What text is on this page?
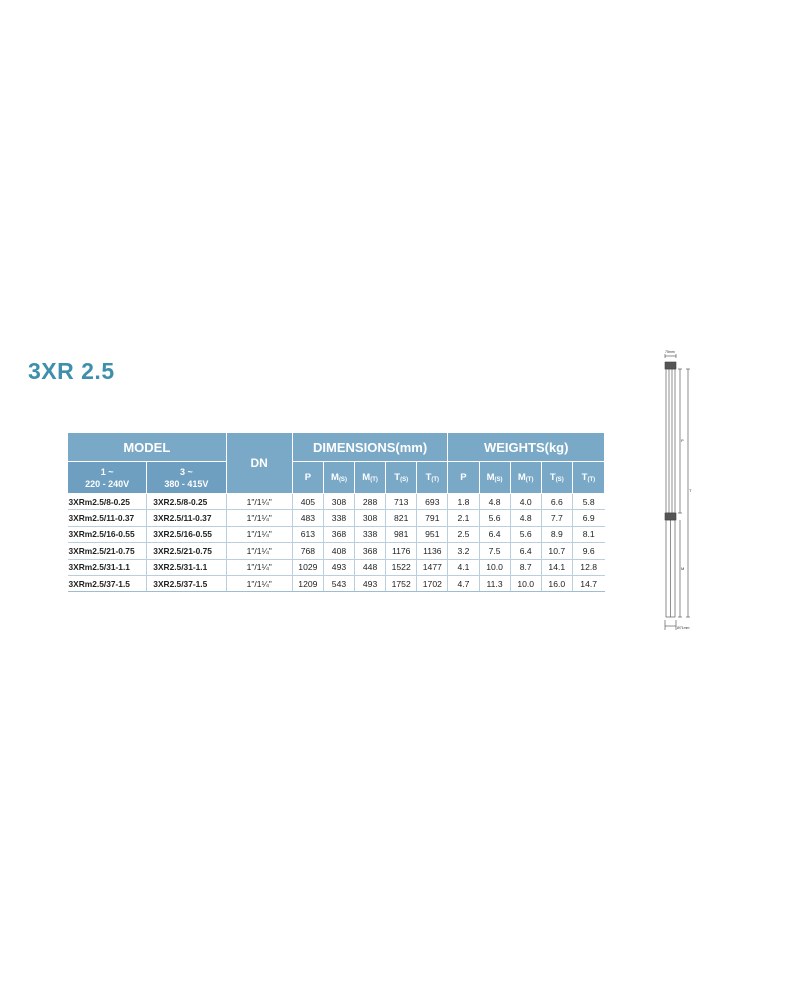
3XR 2.5
MODEL		DN	DIMENSIONS(mm)					WEIGHTS(kg)				

1 ~
220 - 240V	3 ~
380 - 415V		P	$M_{(S)}$	$M_{(T)}$	$T_{(S)}$	$T_{(T)}$	P	$M_{(S)}$	$M_{(T)}$	$T_{(S)}$	$T_{(T)}$
3XRm2.5/8-0.25	3XR2.5/8-0.25	1"/1¼"	405	308	288	713	693	1.8	4.8	4.0	6.6	5.8
3XRm2.5/11-0.37	3XR2.5/11-0.37	1"/1¼"	483	338	308	821	791	2.1	5.6	4.8	7.7	6.9
3XRm2.5/16-0.55	3XR2.5/16-0.55	1"/1¼"	613	368	338	981	951	2.5	6.4	5.6	8.9	8.1
3XRm2.5/21-0.75	3XR2.5/21-0.75	1"/1¼"	768	408	368	1176	1136	3.2	7.5	6.4	10.7	9.6
3XRm2.5/31-1.1	3XR2.5/31-1.1	1"/1¼"	1029	493	448	1522	1477	4.1	10.0	8.7	14.1	12.8
3XRm2.5/37-1.5	3XR2.5/37-1.5	1"/1¼"	1209	543	493	1752	1702	4.7	11.3	10.0	16.0	14.7
75mm
P
T
M
Ø71mm
